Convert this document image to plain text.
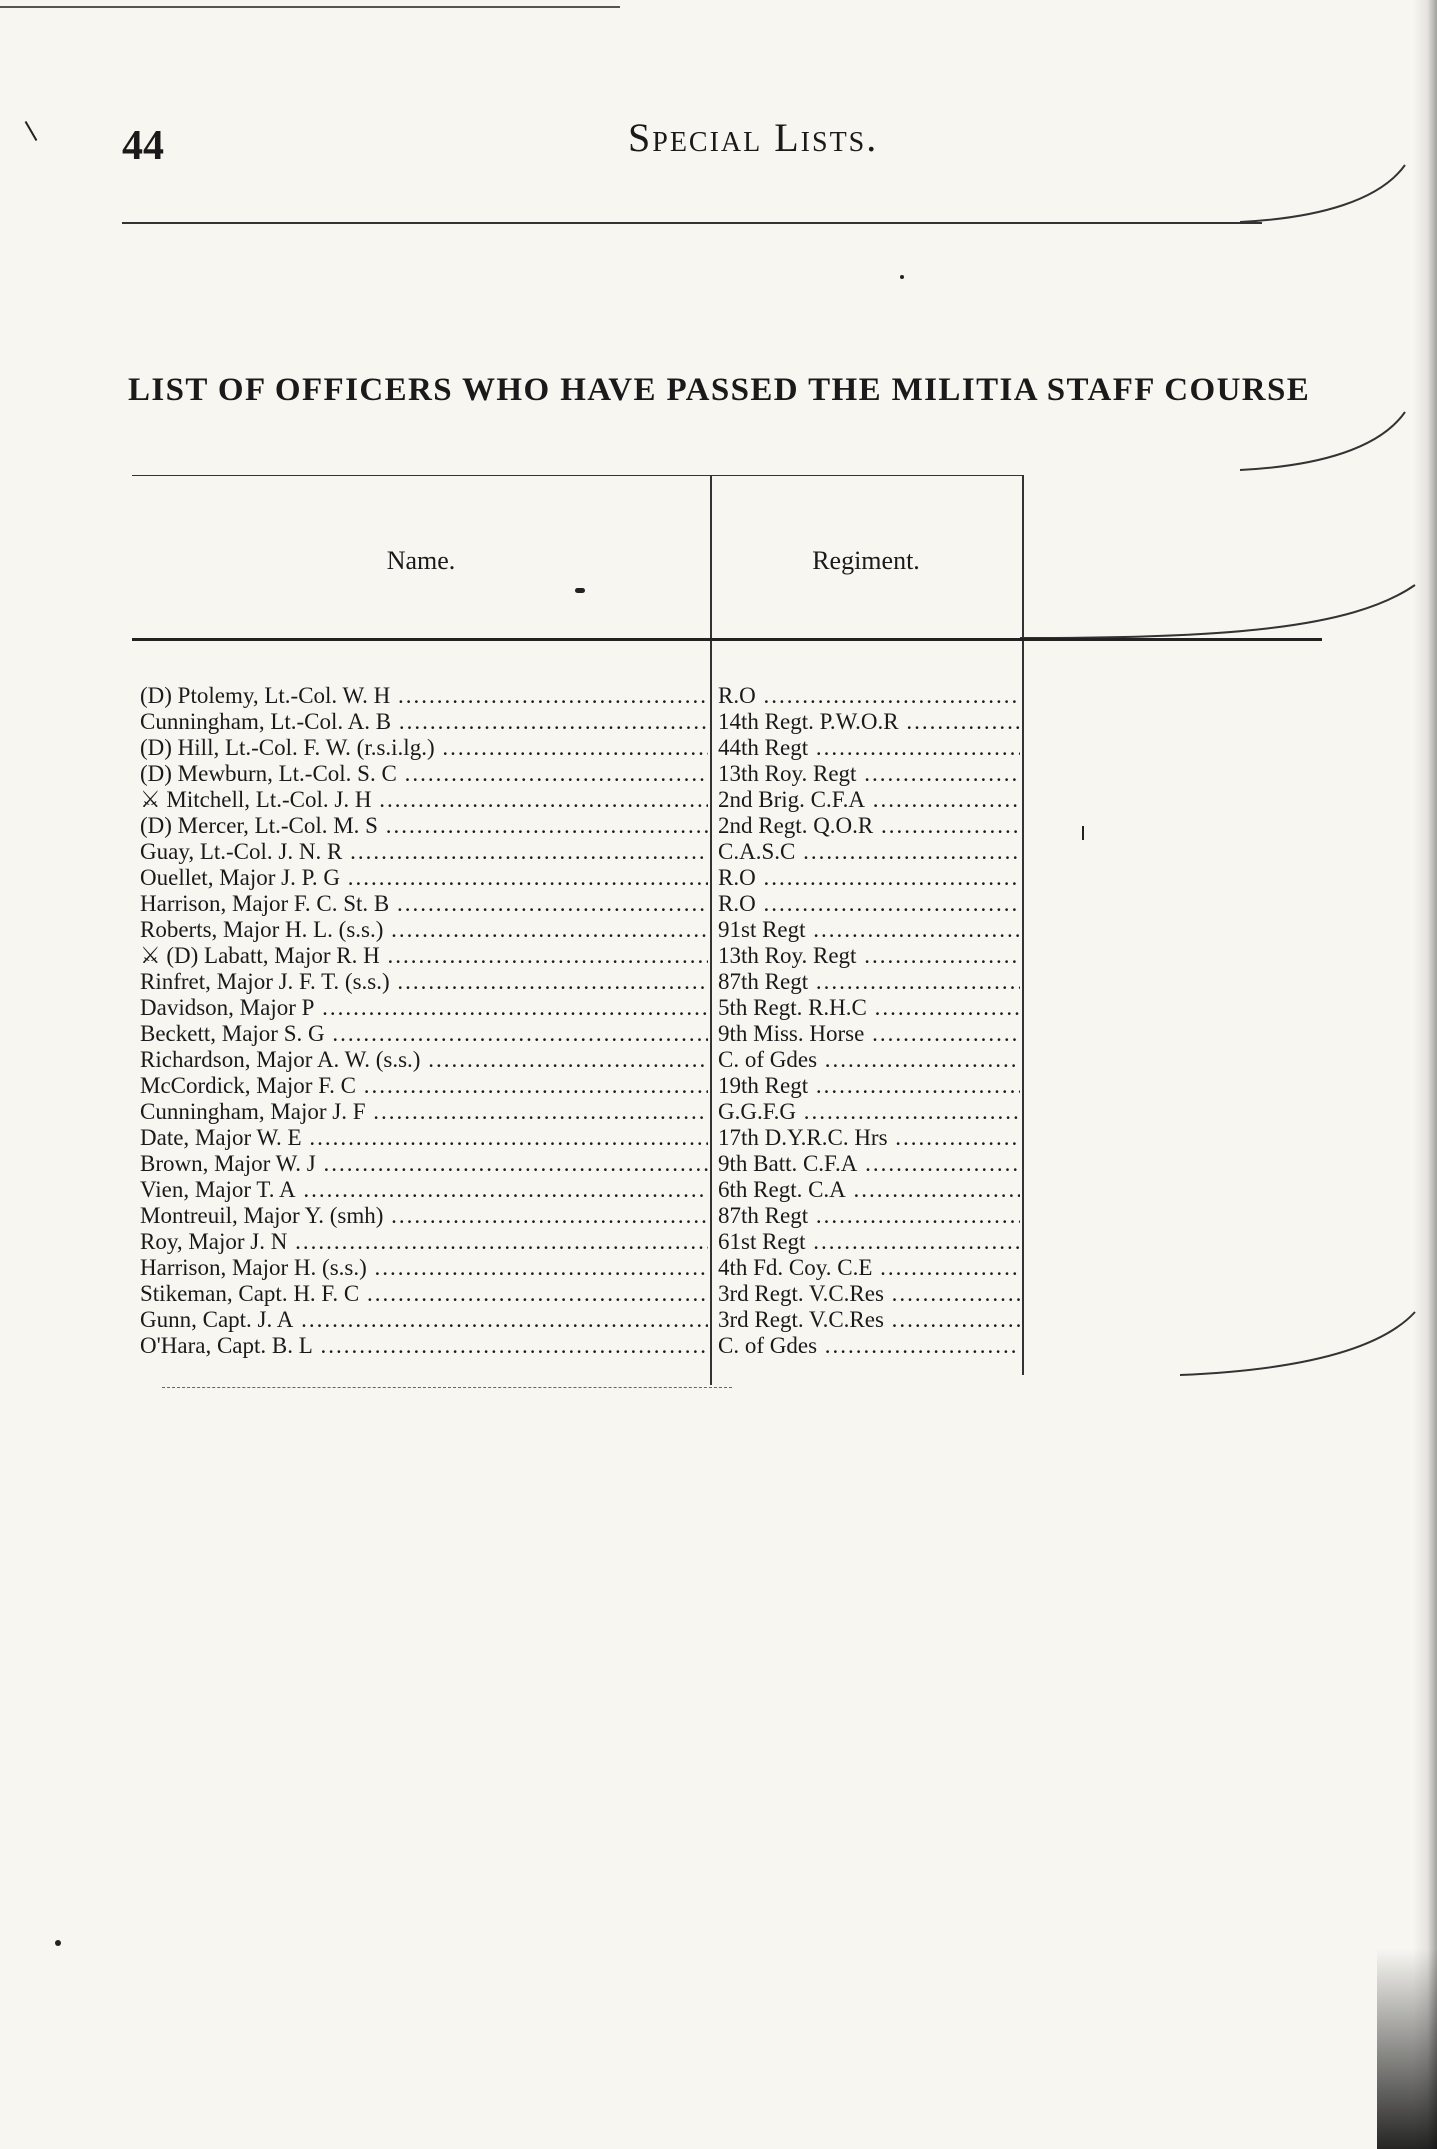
44	Special Lists.
LIST OF OFFICERS WHO HAVE PASSED THE MILITIA STAFF COURSE
Name.	Regiment.
(D) Ptolemy, Lt.-Col. W. H .....	R.O .....
Cunningham, Lt.-Col. A. B .....	14th Regt. P.W.O.R .....
(D) Hill, Lt.-Col. F. W. (r.s.i.lg.) .....	44th Regt .....
(D) Mewburn, Lt.-Col. S. C .....	13th Roy. Regt .....
⚔ Mitchell, Lt.-Col. J. H .....	2nd Brig. C.F.A .....
(D) Mercer, Lt.-Col. M. S .....	2nd Regt. Q.O.R .....
Guay, Lt.-Col. J. N. R .....	C.A.S.C .....
Ouellet, Major J. P. G .....	R.O .....
Harrison, Major F. C. St. B .....	R.O .....
Roberts, Major H. L. (s.s.) .....	91st Regt .....
⚔ (D) Labatt, Major R. H .....	13th Roy. Regt .....
Rinfret, Major J. F. T. (s.s.) .....	87th Regt .....
Davidson, Major P .....	5th Regt. R.H.C .....
Beckett, Major S. G .....	9th Miss. Horse .....
Richardson, Major A. W. (s.s.) .....	C. of Gdes .....
McCordick, Major F. C .....	19th Regt .....
Cunningham, Major J. F .....	G.G.F.G .....
Date, Major W. E .....	17th D.Y.R.C. Hrs .....
Brown, Major W. J .....	9th Batt. C.F.A .....
Vien, Major T. A .....	6th Regt. C.A .....
Montreuil, Major Y. (smh) .....	87th Regt .....
Roy, Major J. N .....	61st Regt .....
Harrison, Major H. (s.s.) .....	4th Fd. Coy. C.E .....
Stikeman, Capt. H. F. C .....	3rd Regt. V.C.Res .....
Gunn, Capt. J. A .....	3rd Regt. V.C.Res .....
O'Hara, Capt. B. L .....	C. of Gdes .....
